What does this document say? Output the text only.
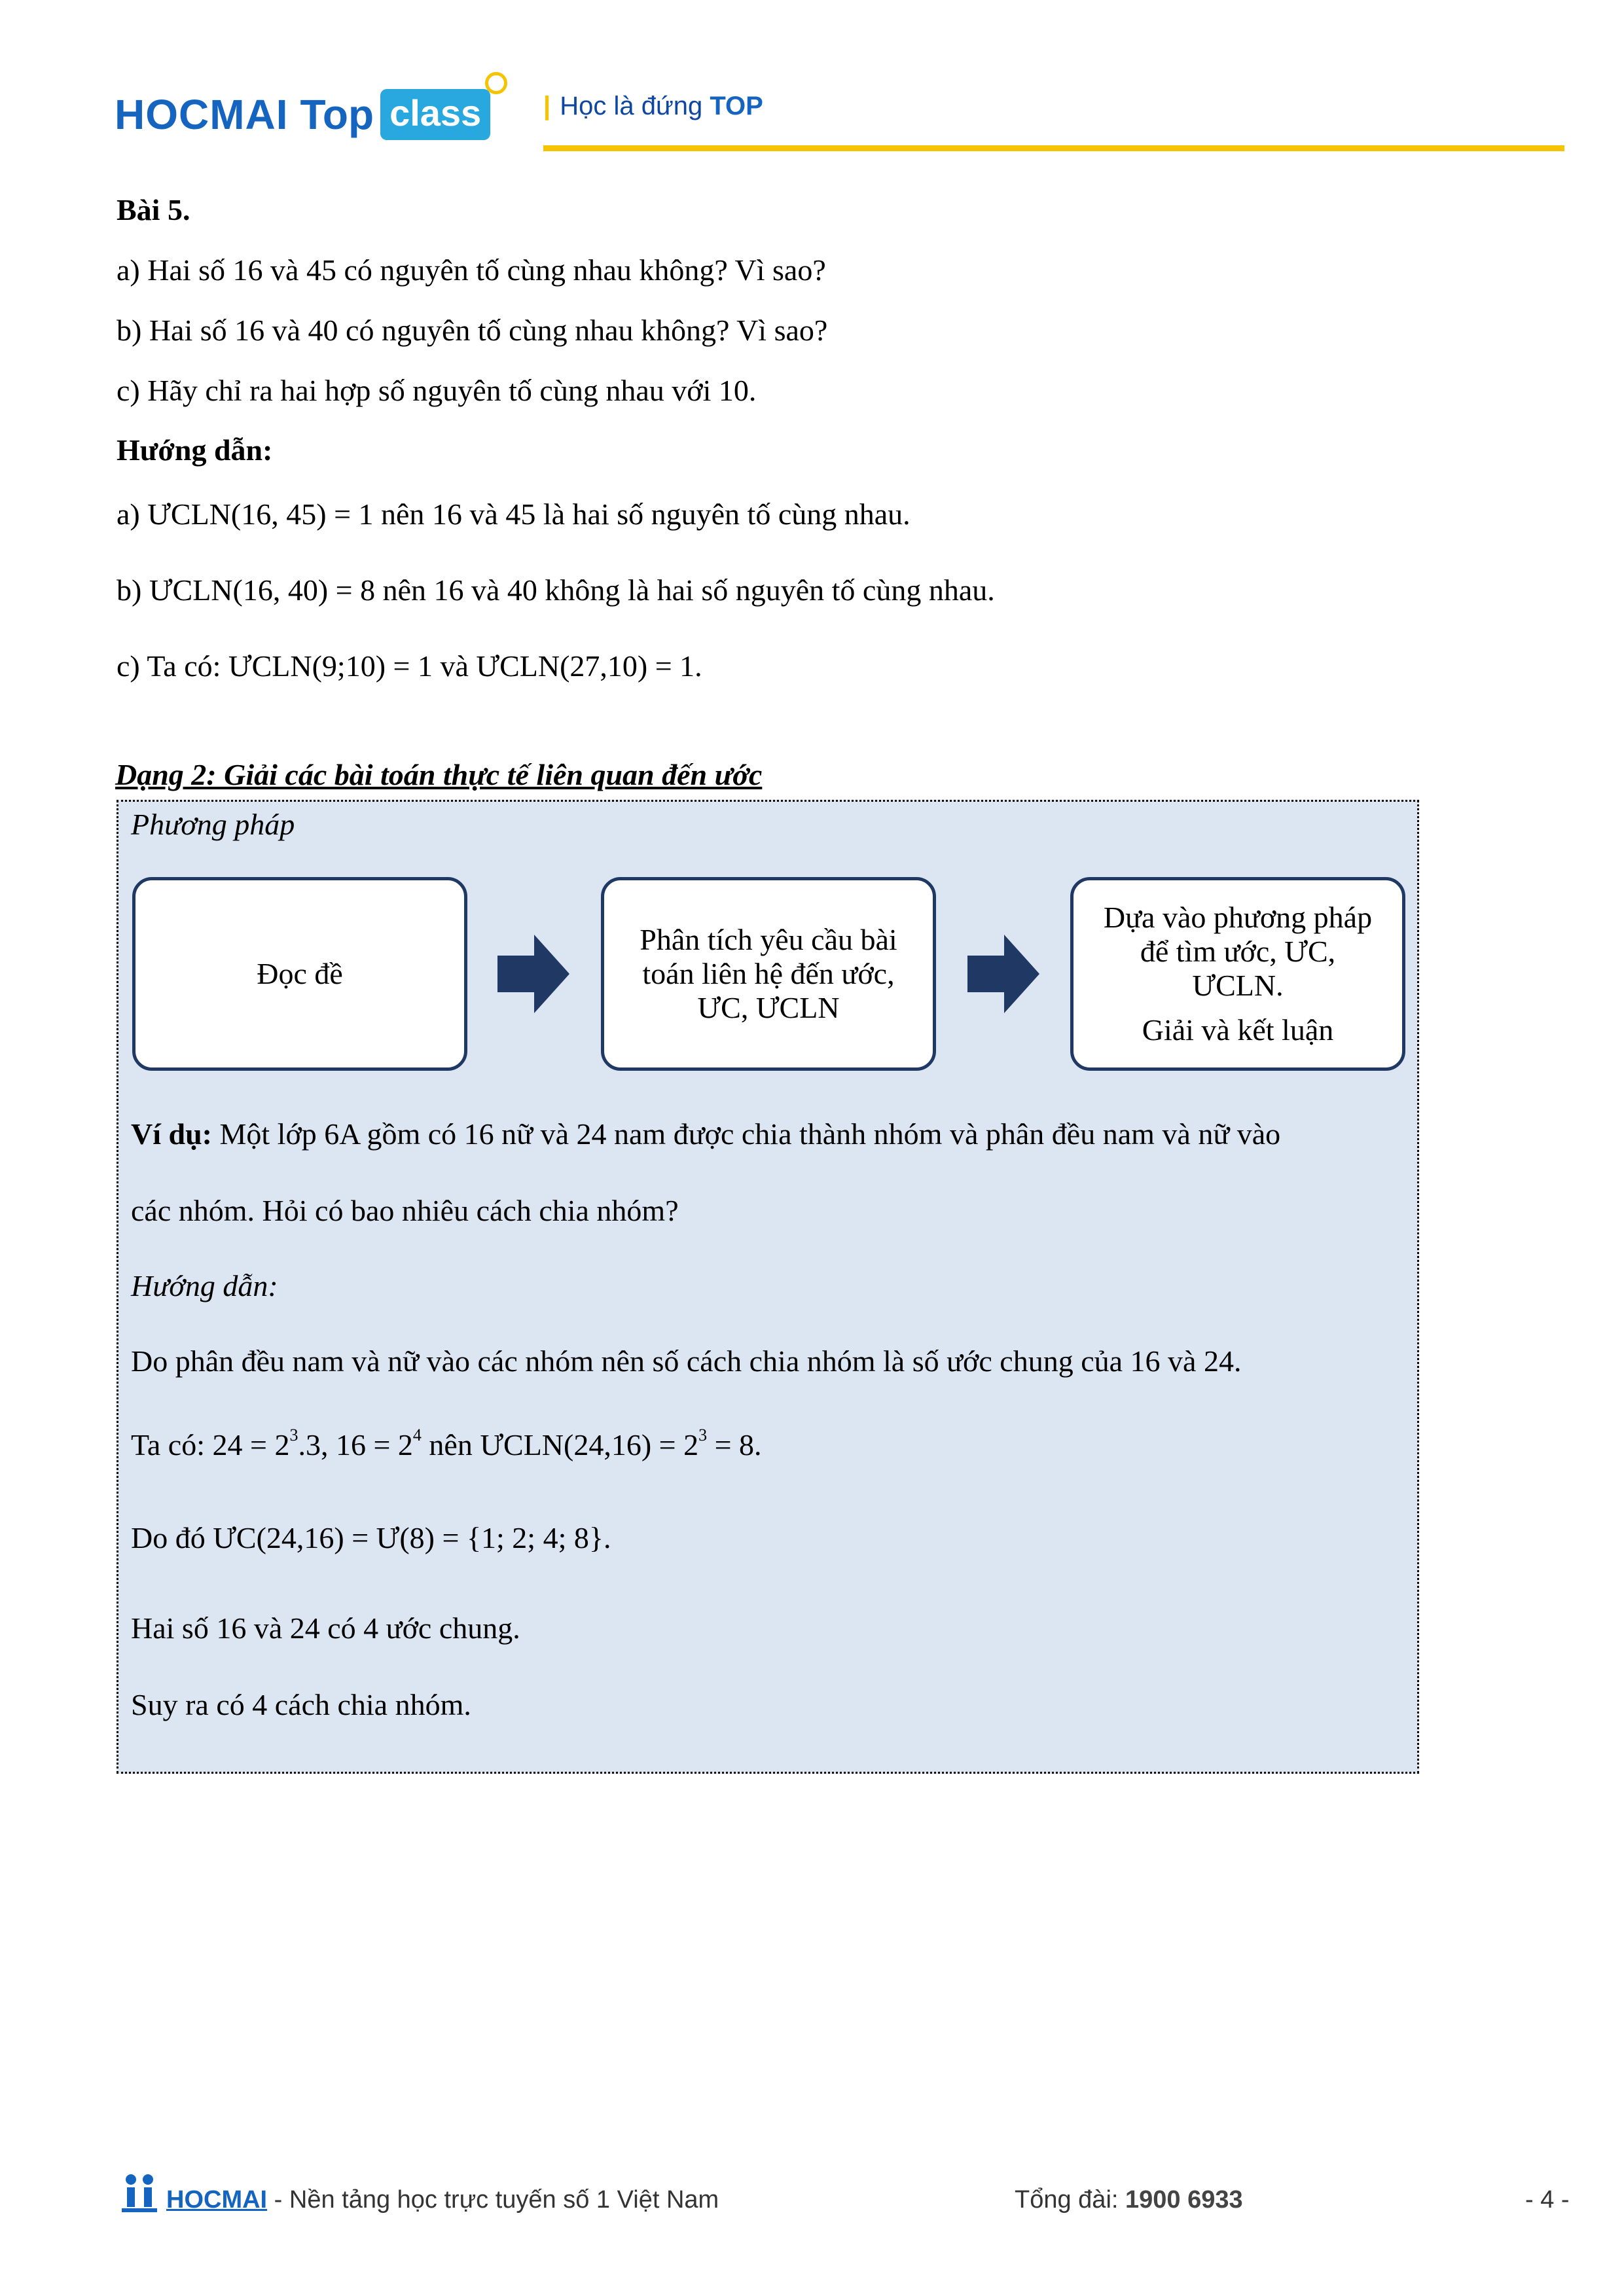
HOCMAI Top class	| Học là đứng TOP
Bài 5.
a) Hai số 16 và 45 có nguyên tố cùng nhau không? Vì sao?
b) Hai số 16 và 40 có nguyên tố cùng nhau không? Vì sao?
c) Hãy chỉ ra hai hợp số nguyên tố cùng nhau với 10.
Hướng dẫn:
a) ƯCLN(16, 45) = 1 nên 16 và 45 là hai số nguyên tố cùng nhau.
b) ƯCLN(16, 40) = 8 nên 16 và 40 không là hai số nguyên tố cùng nhau.
c) Ta có: ƯCLN(9;10) = 1 và ƯCLN(27,10) = 1.
Dạng 2: Giải các bài toán thực tế liên quan đến ước
Phương pháp
Đọc đề
Phân tích yêu cầu bài toán liên hệ đến ước, ƯC, ƯCLN
Dựa vào phương pháp để tìm ước, ƯC, ƯCLN.
Giải và kết luận
Ví dụ: Một lớp 6A gồm có 16 nữ và 24 nam được chia thành nhóm và phân đều nam và nữ vào
các nhóm. Hỏi có bao nhiêu cách chia nhóm?
Hướng dẫn:
Do phân đều nam và nữ vào các nhóm nên số cách chia nhóm là số ước chung của 16 và 24.
Ta có: $24 = 2^3.3$, $16 = 2^4$ nên ƯCLN(24,16) = $2^3 = 8$.
Do đó ƯC(24,16) = Ư(8) = {1; 2; 4; 8}.
Hai số 16 và 24 có 4 ước chung.
Suy ra có 4 cách chia nhóm.
HOCMAI - Nền tảng học trực tuyến số 1 Việt Nam	Tổng đài: 1900 6933	- 4 -
